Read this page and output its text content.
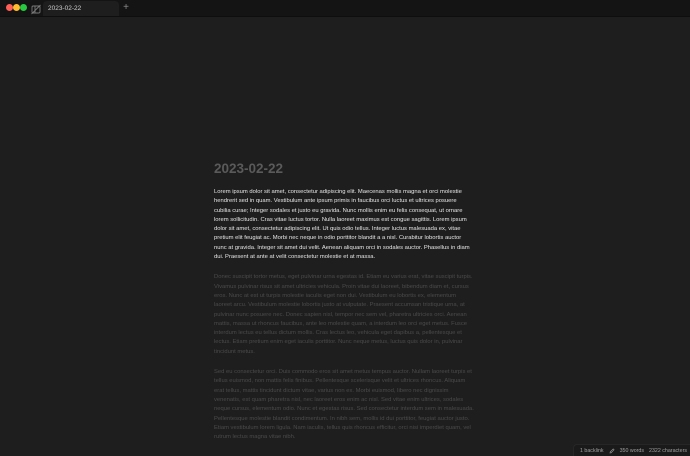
2023-02-22	+
2023-02-22

Lorem ipsum dolor sit amet, consectetur adipiscing elit. Maecenas mollis magna et orci molestie hendrerit sed in quam. Vestibulum ante ipsum primis in faucibus orci luctus et ultrices posuere cubilia curae; Integer sodales et justo eu gravida. Nunc mollis enim eu felis consequat, ut ornare lorem sollicitudin. Cras vitae luctus tortor. Nulla laoreet maximus est congue sagittis. Lorem ipsum dolor sit amet, consectetur adipiscing elit. Ut quis odio tellus. Integer luctus malesuada ex, vitae pretium elit feugiat ac. Morbi nec neque in odio porttitor blandit a a nisl. Curabitur lobortis auctor nunc at gravida. Integer sit amet dui velit. Aenean aliquam orci in sodales auctor. Phasellus in diam dui. Praesent at ante at velit consectetur molestie et at massa.

Donec suscipit tortor metus, eget pulvinar urna egestas id. Etiam eu varius erat, vitae suscipit turpis. Vivamus pulvinar risus sit amet ultricies vehicula. Proin vitae dui laoreet, bibendum diam et, cursus eros. Nunc at est ut turpis molestie iaculis eget non dui. Vestibulum eu lobortis ex, elementum laoreet arcu. Vestibulum molestie lobortis justo at vulputate. Praesent accumsan tristique urna, at pulvinar nunc posuere nec. Donec sapien nisl, tempor nec sem vel, pharetra ultricies orci. Aenean mattis, massa ut rhoncus faucibus, ante leo molestie quam, a interdum leo orci eget metus. Fusce interdum lectus eu tellus dictum mollis. Cras lectus leo, vehicula eget dapibus a, pellentesque et lectus. Etiam pretium enim eget iaculis porttitor. Nunc neque metus, luctus quis dolor in, pulvinar tincidunt metus.

Sed eu consectetur orci. Duis commodo eros sit amet metus tempus auctor. Nullam laoreet turpis et tellus euismod, non mattis felis finibus. Pellentesque scelerisque velit et ultrices rhoncus. Aliquam erat tellus, mattis tincidunt dictum vitae, varius non ex. Morbi euismod, libero nec dignissim venenatis, est quam pharetra nisl, nec laoreet eros enim ac nisl. Sed vitae enim ultrices, sodales neque cursus, elementum odio. Nunc et egestas risus. Sed consectetur interdum sem in malesuada. Pellentesque molestie blandit condimentum. In nibh sem, mollis id dui porttitor, feugiat auctor justo. Etiam vestibulum lorem ligula. Nam iaculis, tellus quis rhoncus efficitur, orci nisi imperdiet quam, vel rutrum lectus magna vitae nibh.

1 backlink	350 words 2322 characters
